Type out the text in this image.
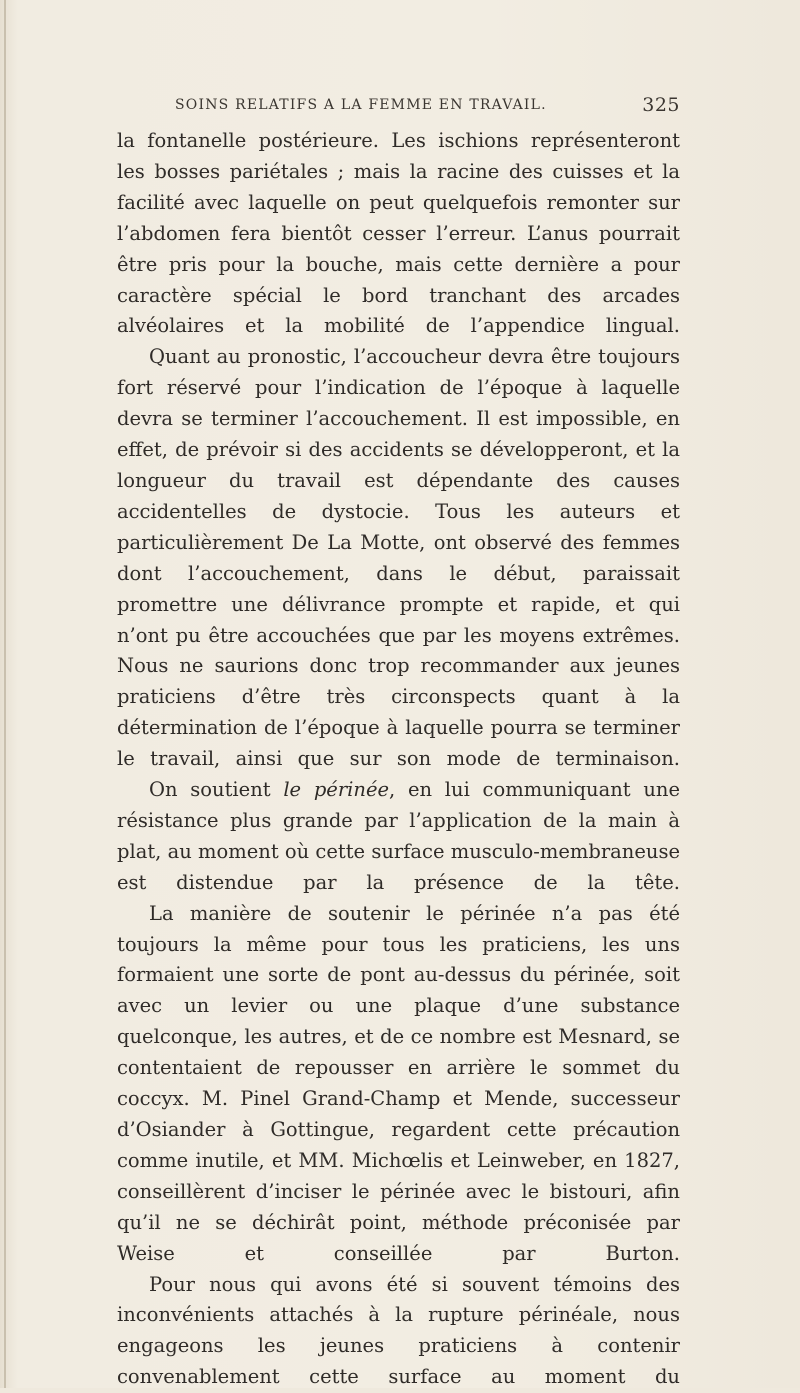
SOINS RELATIFS A LA FEMME EN TRAVAIL.	325

la fontanelle postérieure. Les ischions représenteront les bosses pariétales ; mais la racine des cuisses et la facilité avec laquelle on peut quelquefois remonter sur l’abdomen fera bientôt cesser l’erreur. L’anus pourrait être pris pour la bouche, mais cette dernière a pour caractère spécial le bord tranchant des arcades alvéolaires et la mobilité de l’appendice lingual.

Quant au pronostic, l’accoucheur devra être toujours fort réservé pour l’indication de l’époque à laquelle devra se terminer l’accouchement. Il est impossible, en effet, de prévoir si des accidents se développeront, et la longueur du travail est dépendante des causes accidentelles de dystocie. Tous les auteurs et particulièrement De La Motte, ont observé des femmes dont l’accouchement, dans le début, paraissait promettre une délivrance prompte et rapide, et qui n’ont pu être accouchées que par les moyens extrêmes. Nous ne saurions donc trop recommander aux jeunes praticiens d’être très circonspects quant à la détermination de l’époque à laquelle pourra se terminer le travail, ainsi que sur son mode de terminaison.

On soutient le périnée, en lui communiquant une résistance plus grande par l’application de la main à plat, au moment où cette surface musculo-membraneuse est distendue par la présence de la tête.

La manière de soutenir le périnée n’a pas été toujours la même pour tous les praticiens, les uns formaient une sorte de pont au-dessus du périnée, soit avec un levier ou une plaque d’une substance quelconque, les autres, et de ce nombre est Mesnard, se contentaient de repousser en arrière le sommet du coccyx. M. Pinel Grand-Champ et Mende, successeur d’Osiander à Gottingue, regardent cette précaution comme inutile, et MM. Michœlis et Leinweber, en 1827, conseillèrent d’inciser le périnée avec le bistouri, afin qu’il ne se déchirât point, méthode préconisée par Weise et conseillée par Burton.

Pour nous qui avons été si souvent témoins des inconvénients attachés à la rupture périnéale, nous engageons les jeunes praticiens à contenir convenablement cette surface au moment du
